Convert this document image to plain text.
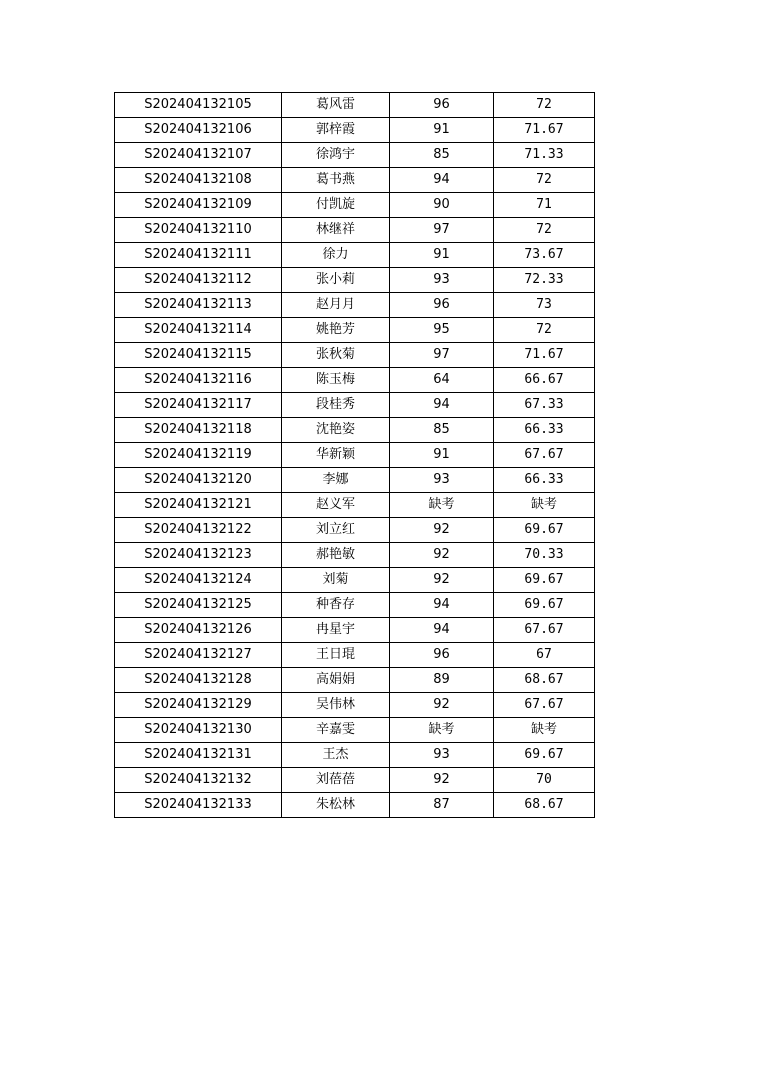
S202404132105	葛风雷	96	72
S202404132106	郭梓霞	91	71.67
S202404132107	徐鸿宇	85	71.33
S202404132108	葛书燕	94	72
S202404132109	付凯旋	90	71
S202404132110	林继祥	97	72
S202404132111	徐力	91	73.67
S202404132112	张小莉	93	72.33
S202404132113	赵月月	96	73
S202404132114	姚艳芳	95	72
S202404132115	张秋菊	97	71.67
S202404132116	陈玉梅	64	66.67
S202404132117	段桂秀	94	67.33
S202404132118	沈艳姿	85	66.33
S202404132119	华新颖	91	67.67
S202404132120	李娜	93	66.33
S202404132121	赵义军	缺考	缺考
S202404132122	刘立红	92	69.67
S202404132123	郝艳敏	92	70.33
S202404132124	刘菊	92	69.67
S202404132125	种香存	94	69.67
S202404132126	冉星宇	94	67.67
S202404132127	王日琨	96	67
S202404132128	高娟娟	89	68.67
S202404132129	吴伟林	92	67.67
S202404132130	辛嘉雯	缺考	缺考
S202404132131	王杰	93	69.67
S202404132132	刘蓓蓓	92	70
S202404132133	朱松林	87	68.67
